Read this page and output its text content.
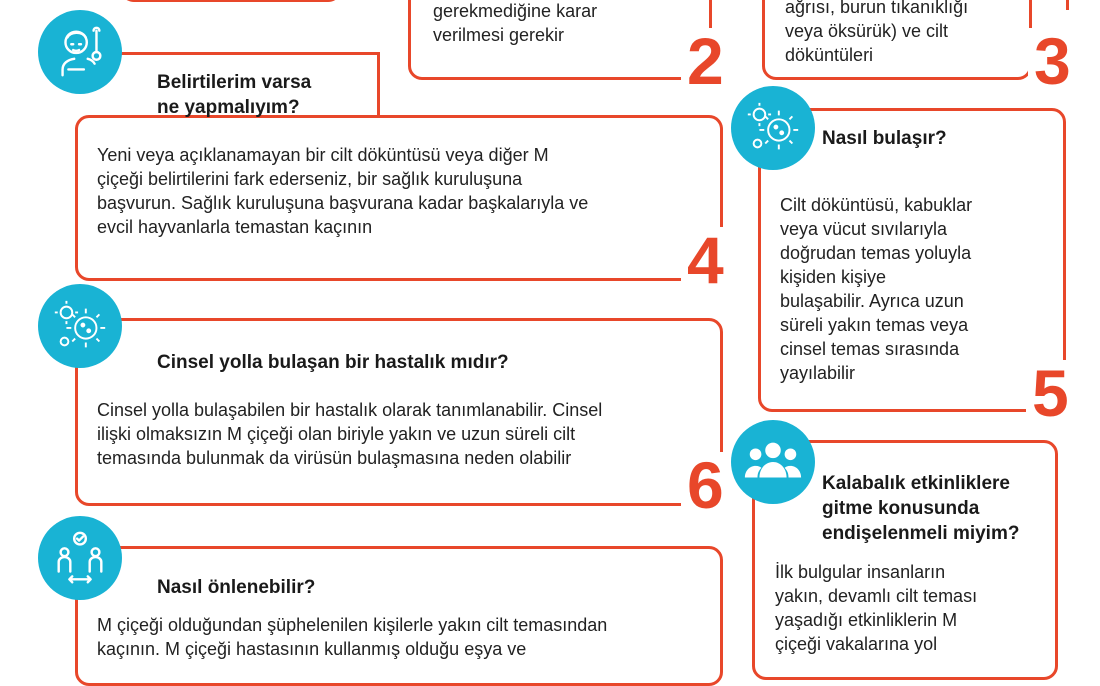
gerekmediğine karar
verilmesi gerekir 2
ağrısı, burun tıkanıklığı
veya öksürük) ve cilt
döküntüleri 3
Belirtilerim varsa
ne yapmalıyım?
Yeni veya açıklanamayan bir cilt döküntüsü veya diğer M
çiçeği belirtilerini fark ederseniz, bir sağlık kuruluşuna
başvurun. Sağlık kuruluşuna başvurana kadar başkalarıyla ve
evcil hayvanlarla temastan kaçının	4
Nasıl bulaşır?
Cilt döküntüsü, kabuklar
veya vücut sıvılarıyla
doğrudan temas yoluyla
kişiden kişiye
bulaşabilir. Ayrıca uzun
süreli yakın temas veya
cinsel temas sırasında
yayılabilir	5
Cinsel yolla bulaşan bir hastalık mıdır?
Cinsel yolla bulaşabilen bir hastalık olarak tanımlanabilir. Cinsel
ilişki olmaksızın M çiçeği olan biriyle yakın ve uzun süreli cilt
temasında bulunmak da virüsün bulaşmasına neden olabilir 6	Kalabalık etkinliklere
gitme konusunda
endişelenmeli miyim?
İlk bulgular insanların
yakın, devamlı cilt teması
yaşadığı etkinliklerin M
çiçeği vakalarına yol
Nasıl önlenebilir?
M çiçeği olduğundan şüphelenilen kişilerle yakın cilt temasından
kaçının. M çiçeği hastasının kullanmış olduğu eşya ve
